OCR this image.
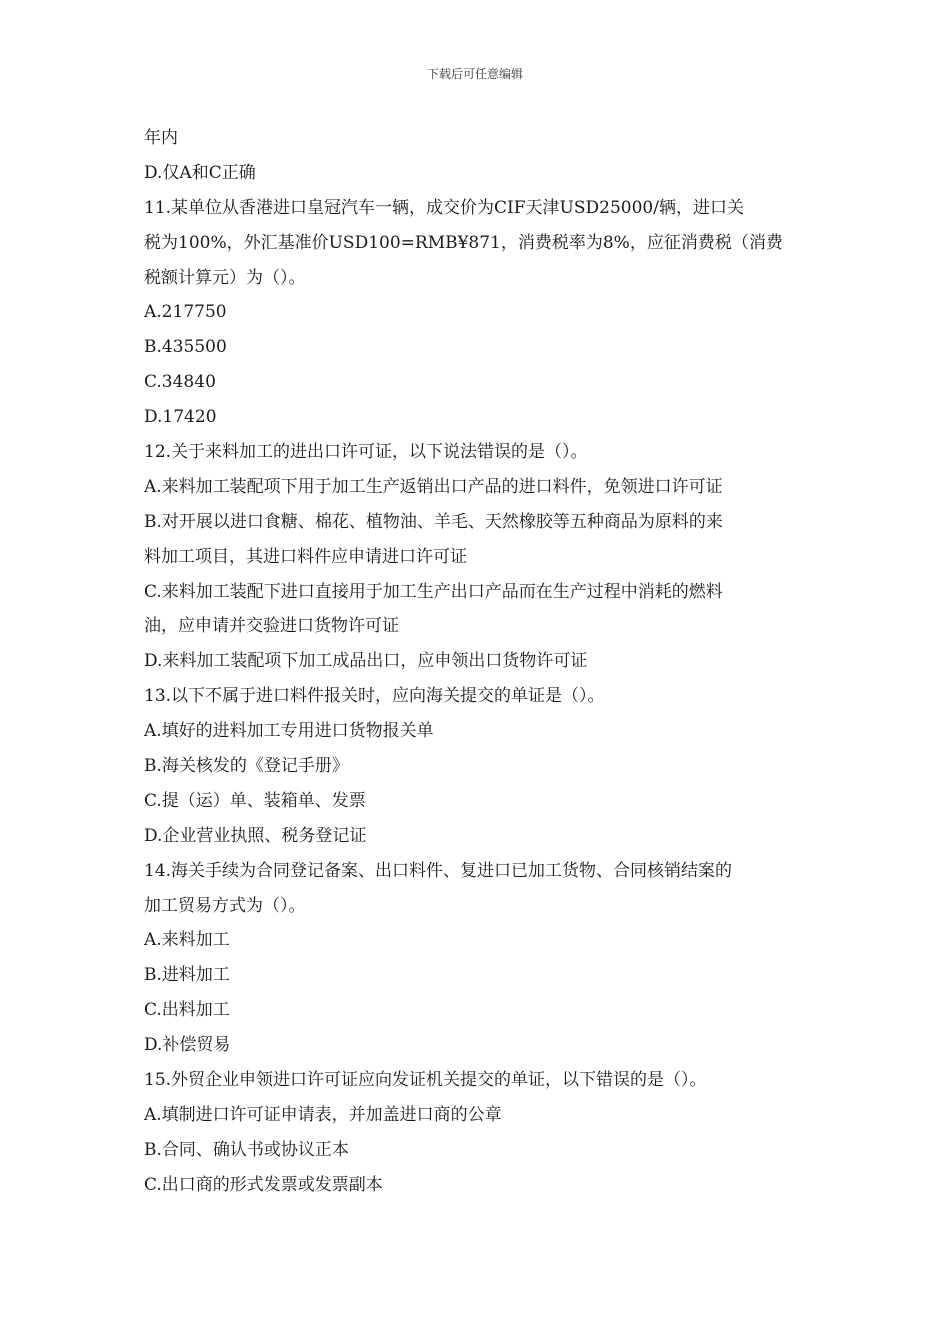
下载后可任意编辑
年内
D.仅A和C正确
11.某单位从香港进口皇冠汽车一辆，成交价为CIF天津USD25000/辆，进口关
税为100%，外汇基准价USD100=RMB¥871，消费税率为8%，应征消费税（消费
税额计算元）为（）。
A.217750
B.435500
C.34840
D.17420
12.关于来料加工的进出口许可证，以下说法错误的是（）。
A.来料加工装配项下用于加工生产返销出口产品的进口料件，免领进口许可证
B.对开展以进口食糖、棉花、植物油、羊毛、天然橡胶等五种商品为原料的来
料加工项目，其进口料件应申请进口许可证
C.来料加工装配下进口直接用于加工生产出口产品而在生产过程中消耗的燃料
油，应申请并交验进口货物许可证
D.来料加工装配项下加工成品出口，应申领出口货物许可证
13.以下不属于进口料件报关时，应向海关提交的单证是（）。
A.填好的进料加工专用进口货物报关单
B.海关核发的《登记手册》
C.提（运）单、装箱单、发票
D.企业营业执照、税务登记证
14.海关手续为合同登记备案、出口料件、复进口已加工货物、合同核销结案的
加工贸易方式为（）。
A.来料加工
B.进料加工
C.出料加工
D.补偿贸易
15.外贸企业申领进口许可证应向发证机关提交的单证，以下错误的是（）。
A.填制进口许可证申请表，并加盖进口商的公章
B.合同、确认书或协议正本
C.出口商的形式发票或发票副本
